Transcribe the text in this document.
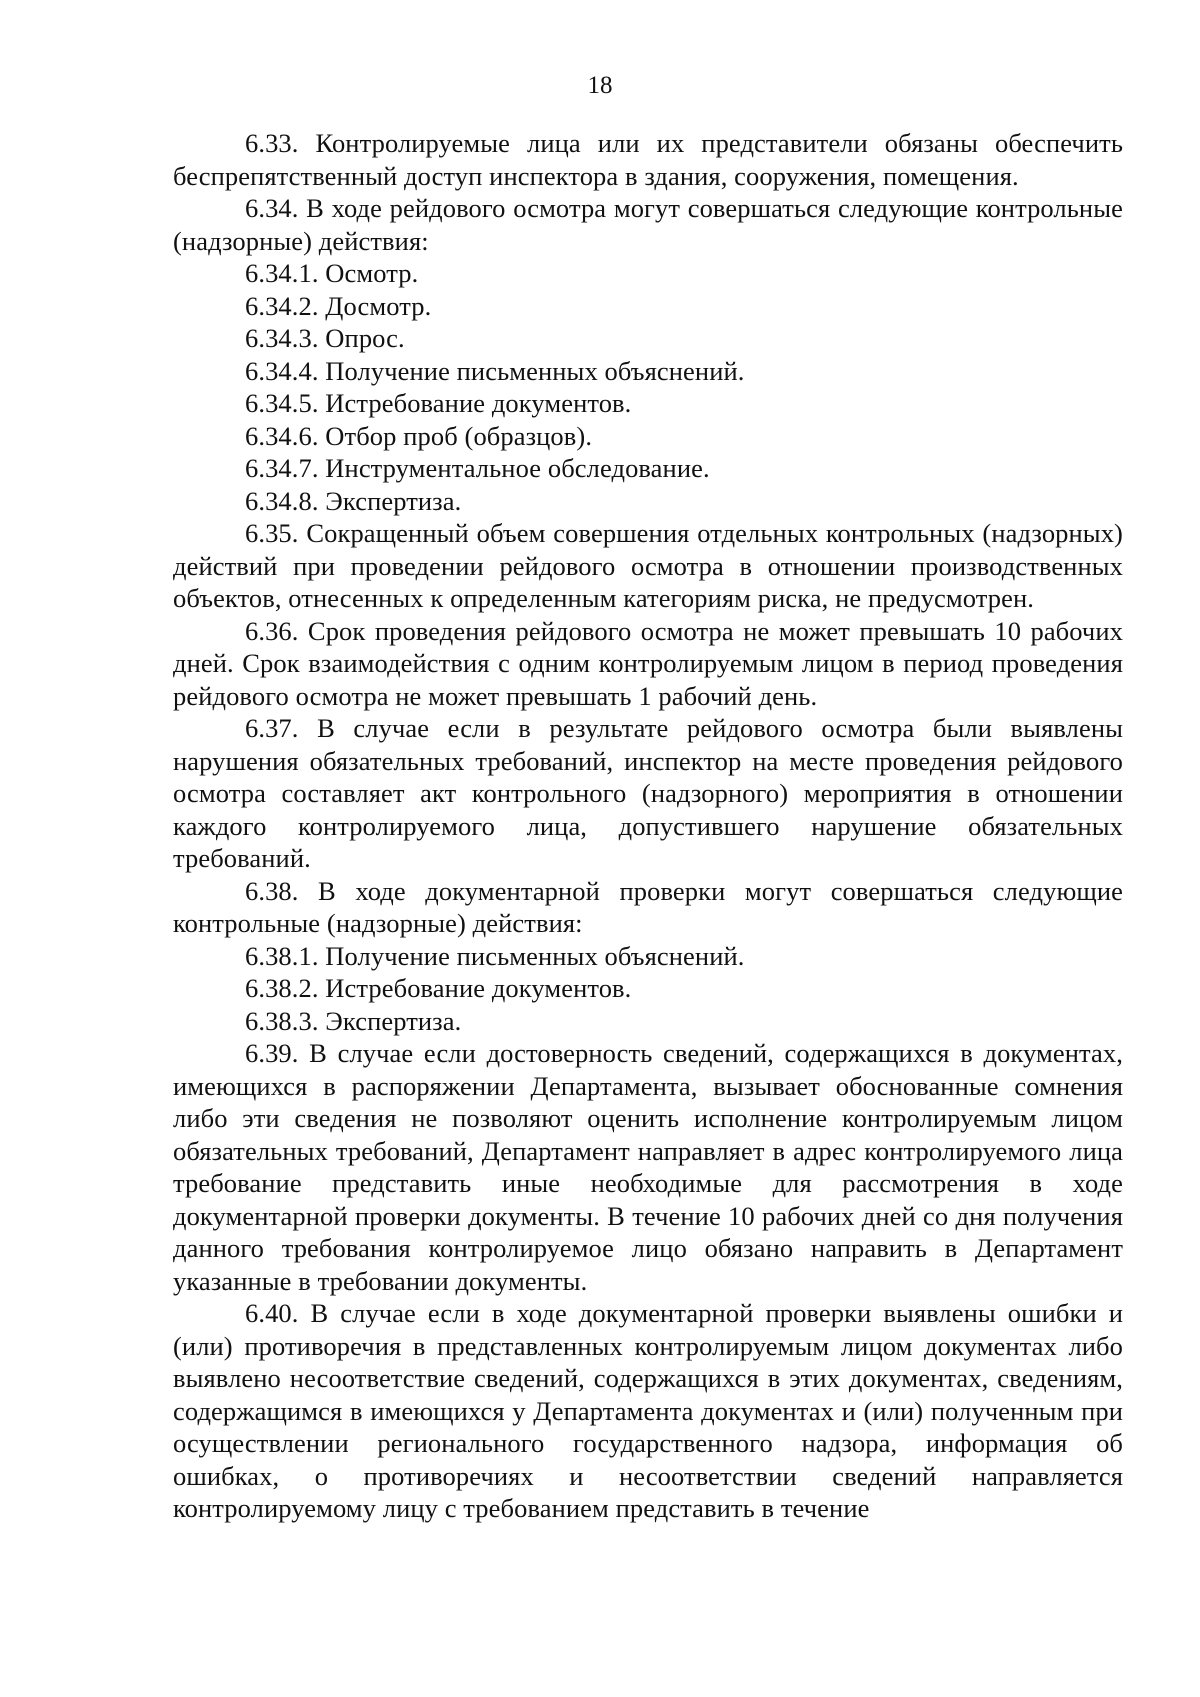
18

6.33. Контролируемые лица или их представители обязаны обеспечить беспрепятственный доступ инспектора в здания, сооружения, помещения.

6.34. В ходе рейдового осмотра могут совершаться следующие контрольные (надзорные) действия:

6.34.1. Осмотр.

6.34.2. Досмотр.

6.34.3. Опрос.

6.34.4. Получение письменных объяснений.

6.34.5. Истребование документов.

6.34.6. Отбор проб (образцов).

6.34.7. Инструментальное обследование.

6.34.8. Экспертиза.

6.35. Сокращенный объем совершения отдельных контрольных (надзорных) действий при проведении рейдового осмотра в отношении производственных объектов, отнесенных к определенным категориям риска, не предусмотрен.

6.36. Срок проведения рейдового осмотра не может превышать 10 рабочих дней. Срок взаимодействия с одним контролируемым лицом в период проведения рейдового осмотра не может превышать 1 рабочий день.

6.37. В случае если в результате рейдового осмотра были выявлены нарушения обязательных требований, инспектор на месте проведения рейдового осмотра составляет акт контрольного (надзорного) мероприятия в отношении каждого контролируемого лица, допустившего нарушение обязательных требований.

6.38. В ходе документарной проверки могут совершаться следующие контрольные (надзорные) действия:

6.38.1. Получение письменных объяснений.

6.38.2. Истребование документов.

6.38.3. Экспертиза.

6.39. В случае если достоверность сведений, содержащихся в документах, имеющихся в распоряжении Департамента, вызывает обоснованные сомнения либо эти сведения не позволяют оценить исполнение контролируемым лицом обязательных требований, Департамент направляет в адрес контролируемого лица требование представить иные необходимые для рассмотрения в ходе документарной проверки документы. В течение 10 рабочих дней со дня получения данного требования контролируемое лицо обязано направить в Департамент указанные в требовании документы.

6.40. В случае если в ходе документарной проверки выявлены ошибки и (или) противоречия в представленных контролируемым лицом документах либо выявлено несоответствие сведений, содержащихся в этих документах, сведениям, содержащимся в имеющихся у Департамента документах и (или) полученным при осуществлении регионального государственного надзора, информация об ошибках, о противоречиях и несоответствии сведений направляется контролируемому лицу с требованием представить в течение
